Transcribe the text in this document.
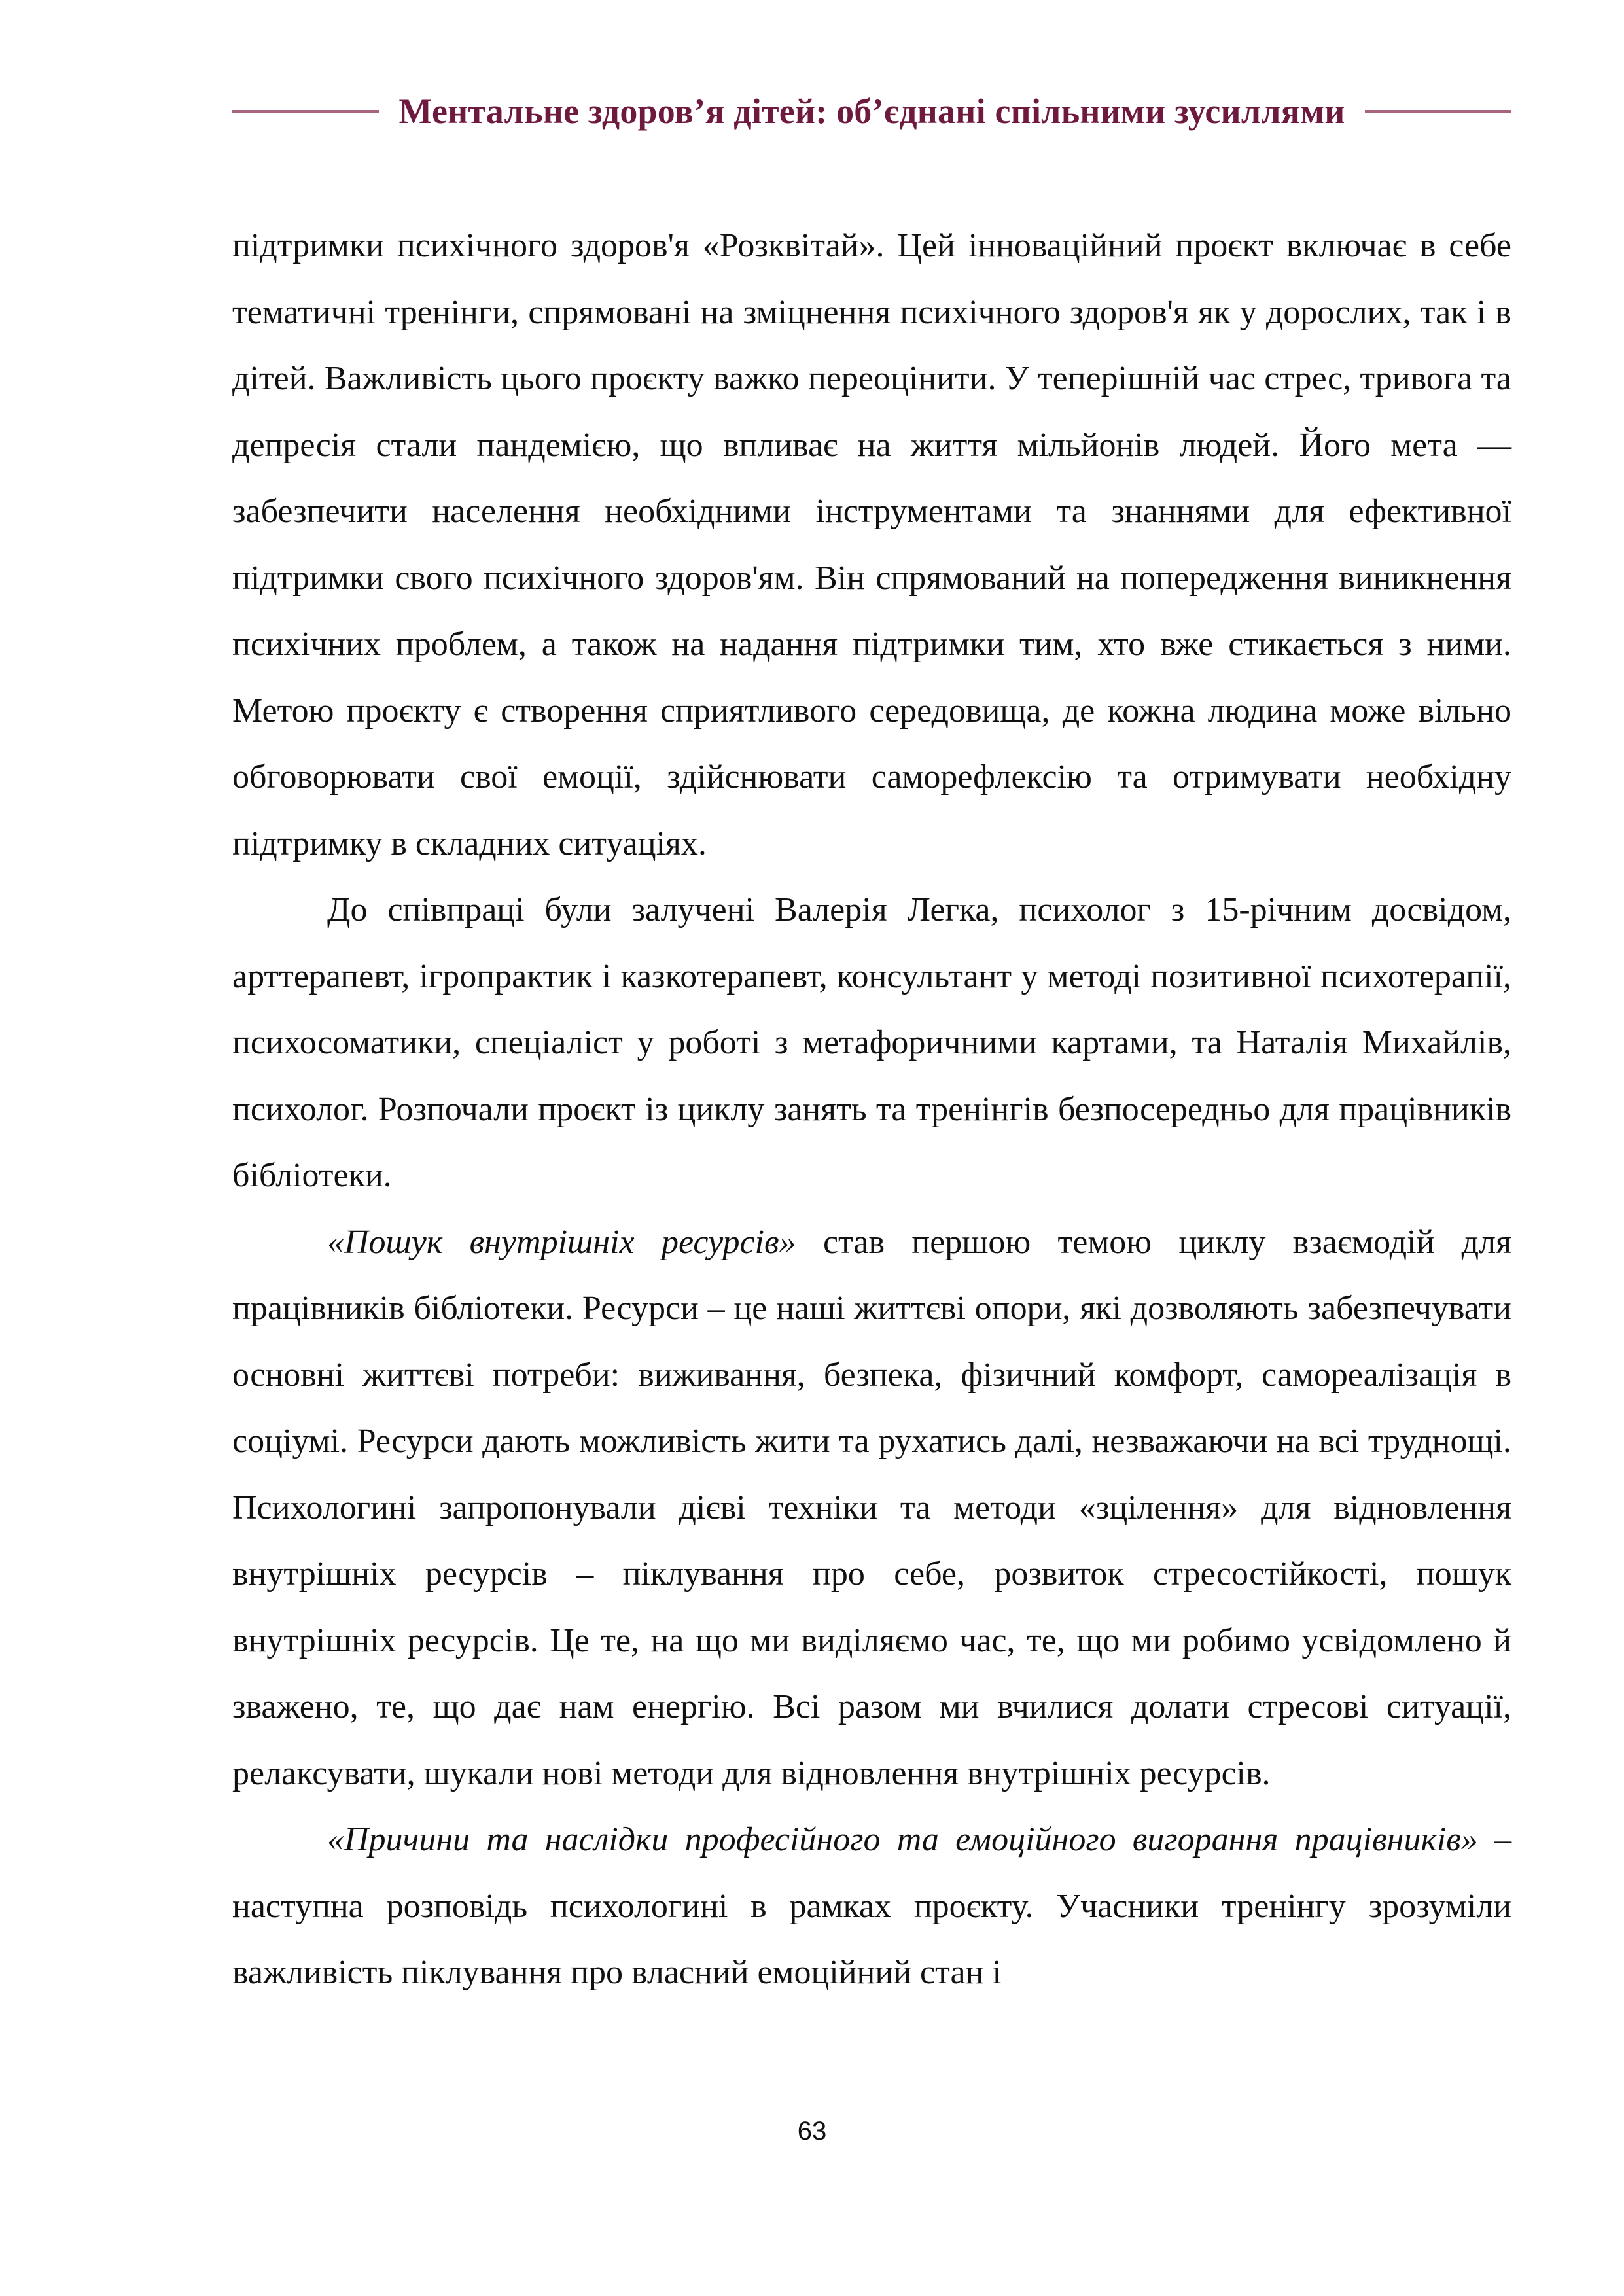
Ментальне здоров’я дітей: об’єднані спільними зусиллями

підтримки психічного здоров'я «Розквітай». Цей інноваційний проєкт включає в себе тематичні тренінги, спрямовані на зміцнення психічного здоров'я як у дорослих, так і в дітей. Важливість цього проєкту важко переоцінити. У теперішній час стрес, тривога та депресія стали пандемією, що впливає на життя мільйонів людей. Його мета — забезпечити населення необхідними інструментами та знаннями для ефективної підтримки свого психічного здоров'ям. Він спрямований на попередження виникнення психічних проблем, а також на надання підтримки тим, хто вже стикається з ними. Метою проєкту є створення сприятливого середовища, де кожна людина може вільно обговорювати свої емоції, здійснювати саморефлексію та отримувати необхідну підтримку в складних ситуаціях.

До співпраці були залучені Валерія Легка, психолог з 15-річним досвідом, арттерапевт, ігропрактик і казкотерапевт, консультант у методі позитивної психотерапії, психосоматики, спеціаліст у роботі з метафоричними картами, та Наталія Михайлів, психолог. Розпочали проєкт із циклу занять та тренінгів безпосередньо для працівників бібліотеки.

«Пошук внутрішніх ресурсів» став першою темою циклу взаємодій для працівників бібліотеки. Ресурси – це наші життєві опори, які дозволяють забезпечувати основні життєві потреби: виживання, безпека, фізичний комфорт, самореалізація в соціумі. Ресурси дають можливість жити та рухатись далі, незважаючи на всі труднощі. Психологині запропонували дієві техніки та методи «зцілення» для відновлення внутрішніх ресурсів – піклування про себе, розвиток стресостійкості, пошук внутрішніх ресурсів. Це те, на що ми виділяємо час, те, що ми робимо усвідомлено й зважено, те, що дає нам енергію. Всі разом ми вчилися долати стресові ситуації, релаксувати, шукали нові методи для відновлення внутрішніх ресурсів.

«Причини та наслідки професійного та емоційного вигорання працівників» – наступна розповідь психологині в рамках проєкту. Учасники тренінгу зрозуміли важливість піклування про власний емоційний стан і

63
